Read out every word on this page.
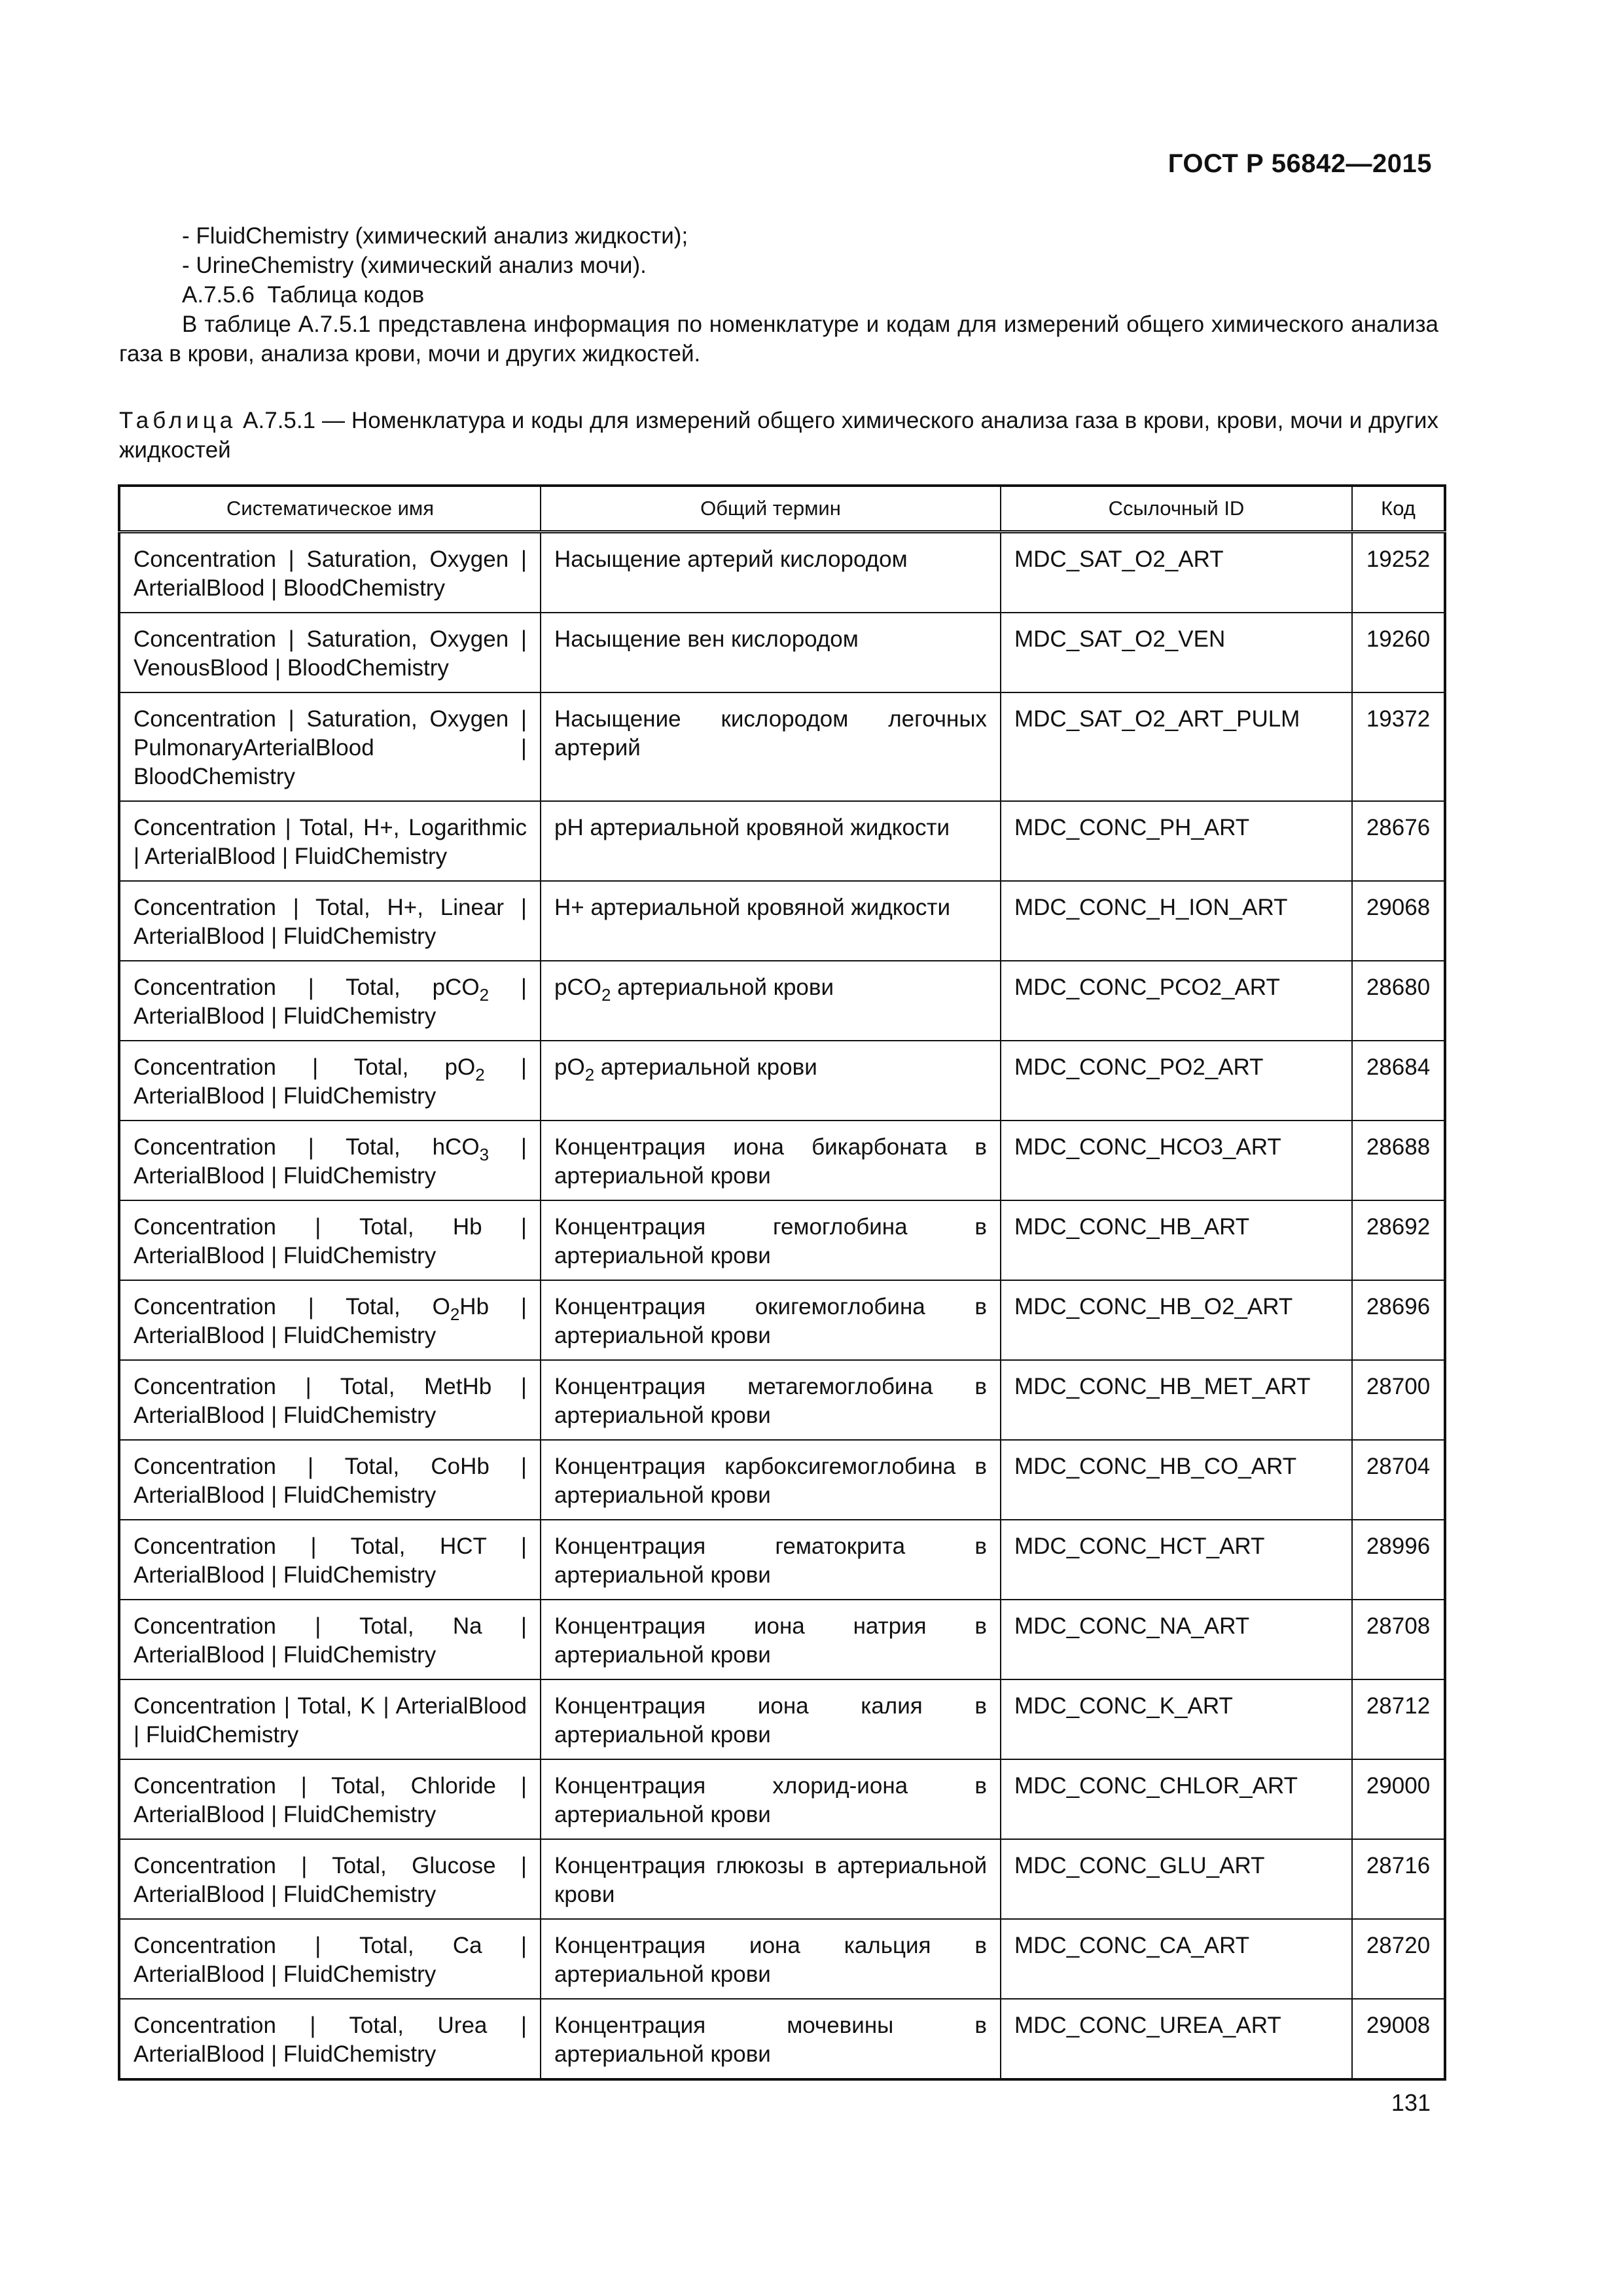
ГОСТ Р 56842—2015

- FluidChemistry (химический анализ жидкости);

- UrineChemistry (химический анализ мочи).

A.7.5.6  Таблица кодов

В таблице А.7.5.1 представлена информация по номенклатуре и кодам для измерений общего химического анализа газа в крови, анализа крови, мочи и других жидкостей.

Таблица А.7.5.1 — Номенклатура и коды для измерений общего химического анализа газа в крови, крови, мочи и других жидкостей
Систематическое имя	Общий термин	Ссылочный ID	Код
Concentration | Saturation, Oxygen | ArterialBlood | BloodChemistry	Насыщение артерий кислородом	MDC_SAT_O2_ART	19252
Concentration | Saturation, Oxygen | VenousBlood | BloodChemistry	Насыщение вен кислородом	MDC_SAT_O2_VEN	19260
Concentration | Saturation, Oxygen | PulmonaryArterialBlood | BloodChemistry	Насыщение кислородом легочных артерий	MDC_SAT_O2_ART_PULM	19372
Concentration | Total, H+, Logarithmic | ArterialBlood | FluidChemistry	pH артериальной кровяной жидкости	MDC_CONC_PH_ART	28676
Concentration | Total, H+, Linear | ArterialBlood | FluidChemistry	H+ артериальной кровяной жидкости	MDC_CONC_H_ION_ART	29068
Concentration | Total, pCO$_2$ | ArterialBlood | FluidChemistry	pCO$_2$ артериальной крови	MDC_CONC_PCO2_ART	28680
Concentration | Total, $pO_2$ | ArterialBlood | FluidChemistry	$pO_2$ артериальной крови	MDC_CONC_PO2_ART	28684
Concentration | Total, hCO$_3$ | ArterialBlood | FluidChemistry	Концентрация иона бикарбоната в артериальной крови	MDC_CONC_HCO3_ART	28688
Concentration | Total, Hb | ArterialBlood | FluidChemistry	Концентрация гемоглобина в артериальной крови	MDC_CONC_HB_ART	28692
Concentration | Total, $O_2Hb$ | ArterialBlood | FluidChemistry	Концентрация окигемоглобина в артериальной крови	MDC_CONC_HB_O2_ART	28696
Concentration | Total, MetHb | ArterialBlood | FluidChemistry	Концентрация метагемоглобина в артериальной крови	MDC_CONC_HB_MET_ART	28700
Concentration | Total, CoHb | ArterialBlood | FluidChemistry	Концентрация карбоксигемоглобина в артериальной крови	MDC_CONC_HB_CO_ART	28704
Concentration | Total, HCT | ArterialBlood | FluidChemistry	Концентрация гематокрита в артериальной крови	MDC_CONC_HCT_ART	28996
Concentration | Total, Na | ArterialBlood | FluidChemistry	Концентрация иона натрия в артериальной крови	MDC_CONC_NA_ART	28708
Concentration | Total, K | ArterialBlood | FluidChemistry	Концентрация иона калия в артериальной крови	MDC_CONC_K_ART	28712
Concentration | Total, Chloride | ArterialBlood | FluidChemistry	Концентрация хлорид-иона в артериальной крови	MDC_CONC_CHLOR_ART	29000
Concentration | Total, Glucose | ArterialBlood | FluidChemistry	Концентрация глюкозы в артериальной крови	MDC_CONC_GLU_ART	28716
Concentration | Total, Ca | ArterialBlood | FluidChemistry	Концентрация иона кальция в артериальной крови	MDC_CONC_CA_ART	28720
Concentration | Total, Urea | ArterialBlood | FluidChemistry	Концентрация мочевины в артериальной крови	MDC_CONC_UREA_ART	29008
131
